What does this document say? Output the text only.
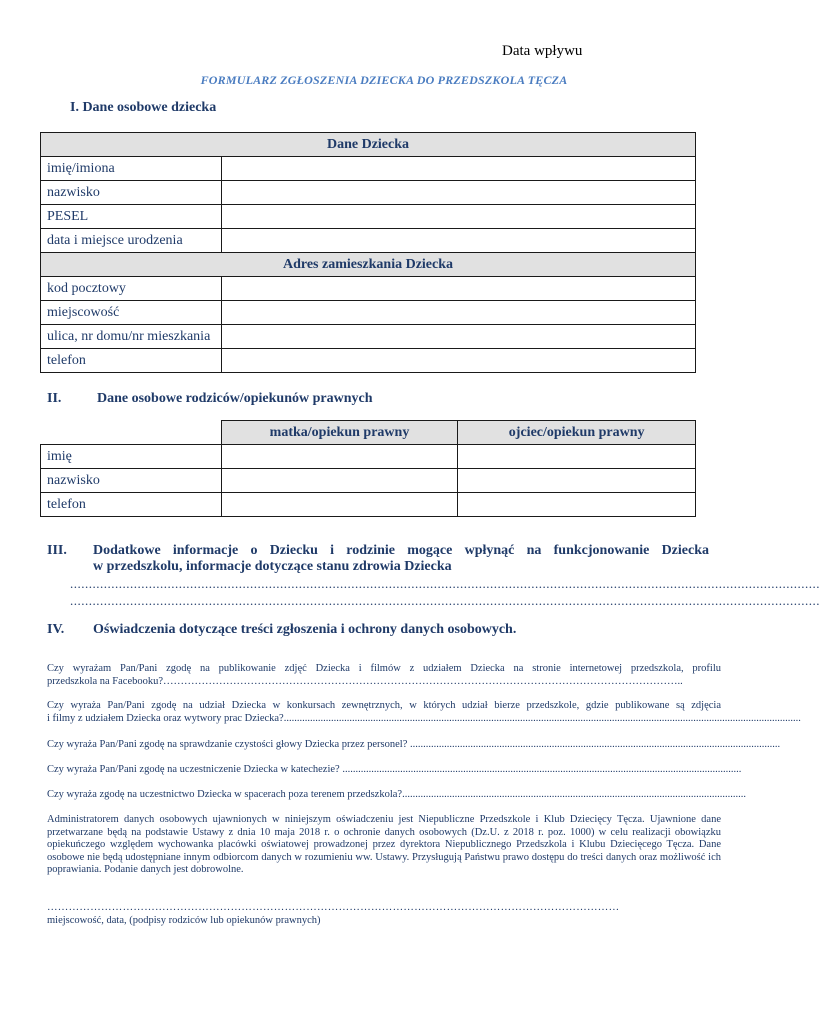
Data wpływu
FORMULARZ ZGŁOSZENIA DZIECKA DO PRZEDSZKOLA TĘCZA
I. Dane osobowe dziecka
Dane Dziecka	
imię/imiona	
nazwisko	
PESEL	
data i miejsce urodzenia	
Adres zamieszkania Dziecka	
kod pocztowy	
miejscowość	
ulica, nr domu/nr mieszkania	
telefon	
II.	Dane osobowe rodziców/opiekunów prawnych
	matka/opiekun prawny	ojciec/opiekun prawny
imię		
nazwisko		
telefon		
III. Dodatkowe informacje o Dziecku i rodzinie mogące wpłynąć na funkcjonowanie Dziecka
w przedszkolu, informacje dotyczące stanu zdrowia Dziecka
........................................................................................................................................................................................................
........................................................................................................................................................................................................
IV. Oświadczenia dotyczące treści zgłoszenia i ochrony danych osobowych.
Czy wyrażam Pan/Pani zgodę na publikowanie zdjęć Dziecka i filmów z udziałem Dziecka na stronie internetowej przedszkola, profilu
przedszkola na Facebooku?…………………………………………………………………………………………………………………………………..
Czy wyraża Pan/Pani zgodę na udział Dziecka w konkursach zewnętrznych, w których udział bierze przedszkole, gdzie publikowane są zdjęcia
i filmy z udziałem Dziecka oraz wytwory prac Dziecka?.....................................................................................................................................................................................................
Czy wyraża Pan/Pani zgodę na sprawdzanie czystości głowy Dziecka przez personel? .............................................................................................................................................
Czy wyraża Pan/Pani zgodę na uczestniczenie Dziecka w katechezie? ........................................................................................................................................................
Czy wyraża zgodę na uczestnictwo Dziecka w spacerach poza terenem przedszkola?...................................................................................................................................
Administratorem danych osobowych ujawnionych w niniejszym oświadczeniu jest Niepubliczne Przedszkole i Klub Dziecięcy Tęcza. Ujawnione dane przetwarzane będą na podstawie Ustawy z dnia 10 maja 2018 r. o ochronie danych osobowych (Dz.U. z 2018 r. poz. 1000) w celu realizacji obowiązku opiekuńczego względem wychowanka placówki oświatowej prowadzonej przez dyrektora Niepublicznego Przedszkola i Klubu Dziecięcego Tęcza. Dane osobowe nie będą udostępniane innym odbiorcom danych w rozumieniu ww. Ustawy. Przysługują Państwu prawo dostępu do treści danych oraz możliwość ich poprawiania. Podanie danych jest dobrowolne.
……………………………………………………………………………………………………………………………………………
miejscowość, data, (podpisy rodziców lub opiekunów prawnych)
